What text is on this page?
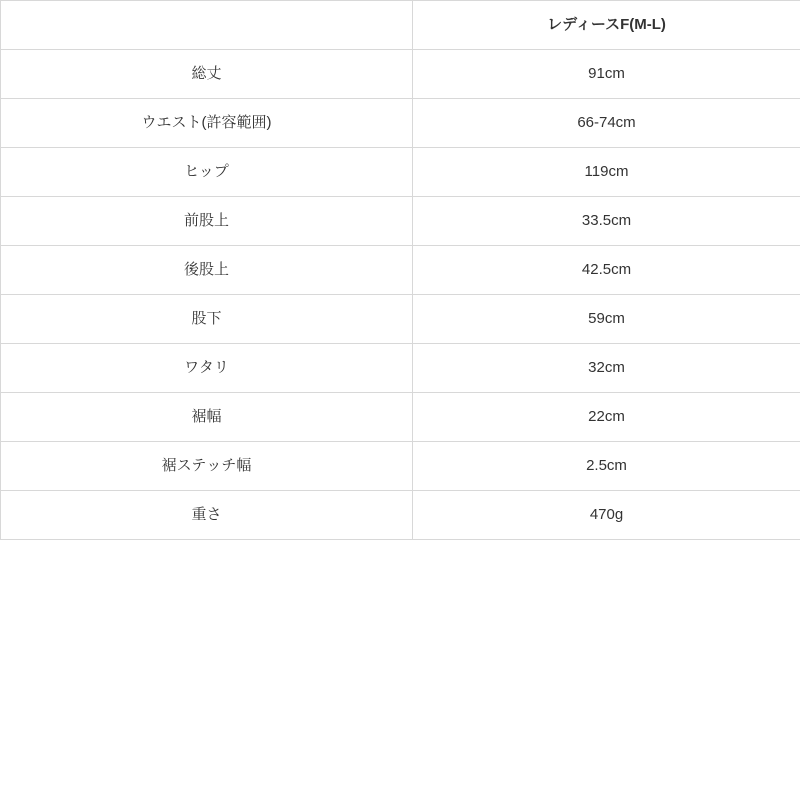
	レディースF(M-L)
総丈	91cm
ウエスト(許容範囲)	66-74cm
ヒップ	119cm
前股上	33.5cm
後股上	42.5cm
股下	59cm
ワタリ	32cm
裾幅	22cm
裾ステッチ幅	2.5cm
重さ	470g
